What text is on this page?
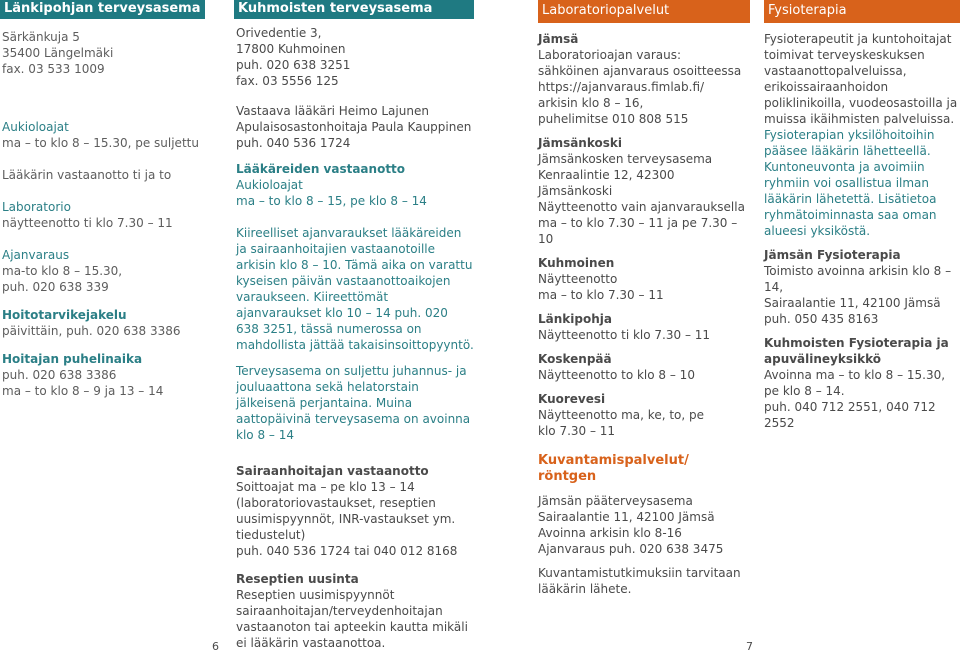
Länkipohjan terveysasema
Särkänkuja 5
35400 Längelmäki
fax. 03 533 1009
Aukioloajat
ma – to klo 8 – 15.30, pe suljettu
Lääkärin vastaanotto ti ja to
Laboratorio
näytteenotto ti klo 7.30 – 11
Ajanvaraus
ma-to klo 8 – 15.30,
puh. 020 638 339
Hoitotarvikejakelu
päivittäin, puh. 020 638 3386
Hoitajan puhelinaika
puh. 020 638 3386
ma – to klo 8 – 9 ja 13 – 14
Kuhmoisten terveysasema
Orivedentie 3,
17800 Kuhmoinen
puh. 020 638 3251
fax. 03 5556 125
Vastaava lääkäri Heimo Lajunen
Apulaisosastonhoitaja Paula Kauppinen
puh. 040 536 1724
Lääkäreiden vastaanotto
Aukioloajat
ma – to klo 8 – 15, pe klo 8 – 14
Kiireelliset ajanvaraukset lääkäreiden ja sairaanhoitajien vastaanotoille arkisin klo 8 – 10. Tämä aika on varattu kyseisen päivän vastaanottoaikojen varaukseen. Kiireettömät ajanvaraukset klo 10 – 14 puh. 020 638 3251, tässä numerossa on mahdollista jättää takaisinsoittopyyntö.
Terveysasema on suljettu juhannus- ja jouluaattona sekä helatorstain jälkeisenä perjantaina. Muina aattopäivinä terveysasema on avoinna klo 8 – 14
Sairaanhoitajan vastaanotto
Soittoajat ma – pe klo 13 – 14 (laboratoriovastaukset, reseptien uusimispyynnöt, INR-vastaukset ym. tiedustelut)
puh. 040 536 1724 tai 040 012 8168
Reseptien uusinta
Reseptien uusimispyynnöt sairaanhoitajan/terveydenhoitajan vastaanoton tai apteekin kautta mikäli ei lääkärin vastaanottoa.
6
Laboratoriopalvelut
Jämsä
Laboratorioajan varaus:
sähköinen ajanvaraus osoitteessa
https://ajanvaraus.fimlab.fi/
arkisin klo 8 – 16,
puhelimitse 010 808 515
Jämsänkoski
Jämsänkosken terveysasema
Kenraalintie 12, 42300 Jämsänkoski
Näytteenotto vain ajanvarauksella
ma – to klo 7.30 – 11 ja pe 7.30 – 10
Kuhmoinen
Näytteenotto
ma – to klo 7.30 – 11
Länkipohja
Näytteenotto ti klo 7.30 – 11
Koskenpää
Näytteenotto to klo 8 – 10
Kuorevesi
Näytteenotto ma, ke, to, pe
klo 7.30 – 11
Kuvantamispalvelut/
röntgen
Jämsän pääterveysasema
Sairaalantie 11, 42100 Jämsä
Avoinna arkisin klo 8-16
Ajanvaraus puh. 020 638 3475
Kuvantamistutkimuksiin tarvitaan lääkärin lähete.
Fysioterapia
Fysioterapeutit ja kuntohoitajat toimivat terveyskeskuksen vastaanottopalveluissa, erikoissairaanhoidon poliklinikoilla, vuodeosastoilla ja muissa ikäihmisten palveluissa.
Fysioterapian yksilöhoitoihin pääsee lääkärin lähetteellä. Kuntoneuvonta ja avoimiin ryhmiin voi osallistua ilman lääkärin lähetettä. Lisätietoa ryhmätoiminnasta saa oman alueesi yksiköstä.
Jämsän Fysioterapia
Toimisto avoinna arkisin klo 8 – 14,
Sairaalantie 11, 42100 Jämsä
puh. 050 435 8163
Kuhmoisten Fysioterapia ja apuvälineyksikkö
Avoinna ma – to klo 8 – 15.30,
pe klo 8 – 14.
puh. 040 712 2551, 040 712 2552
7
